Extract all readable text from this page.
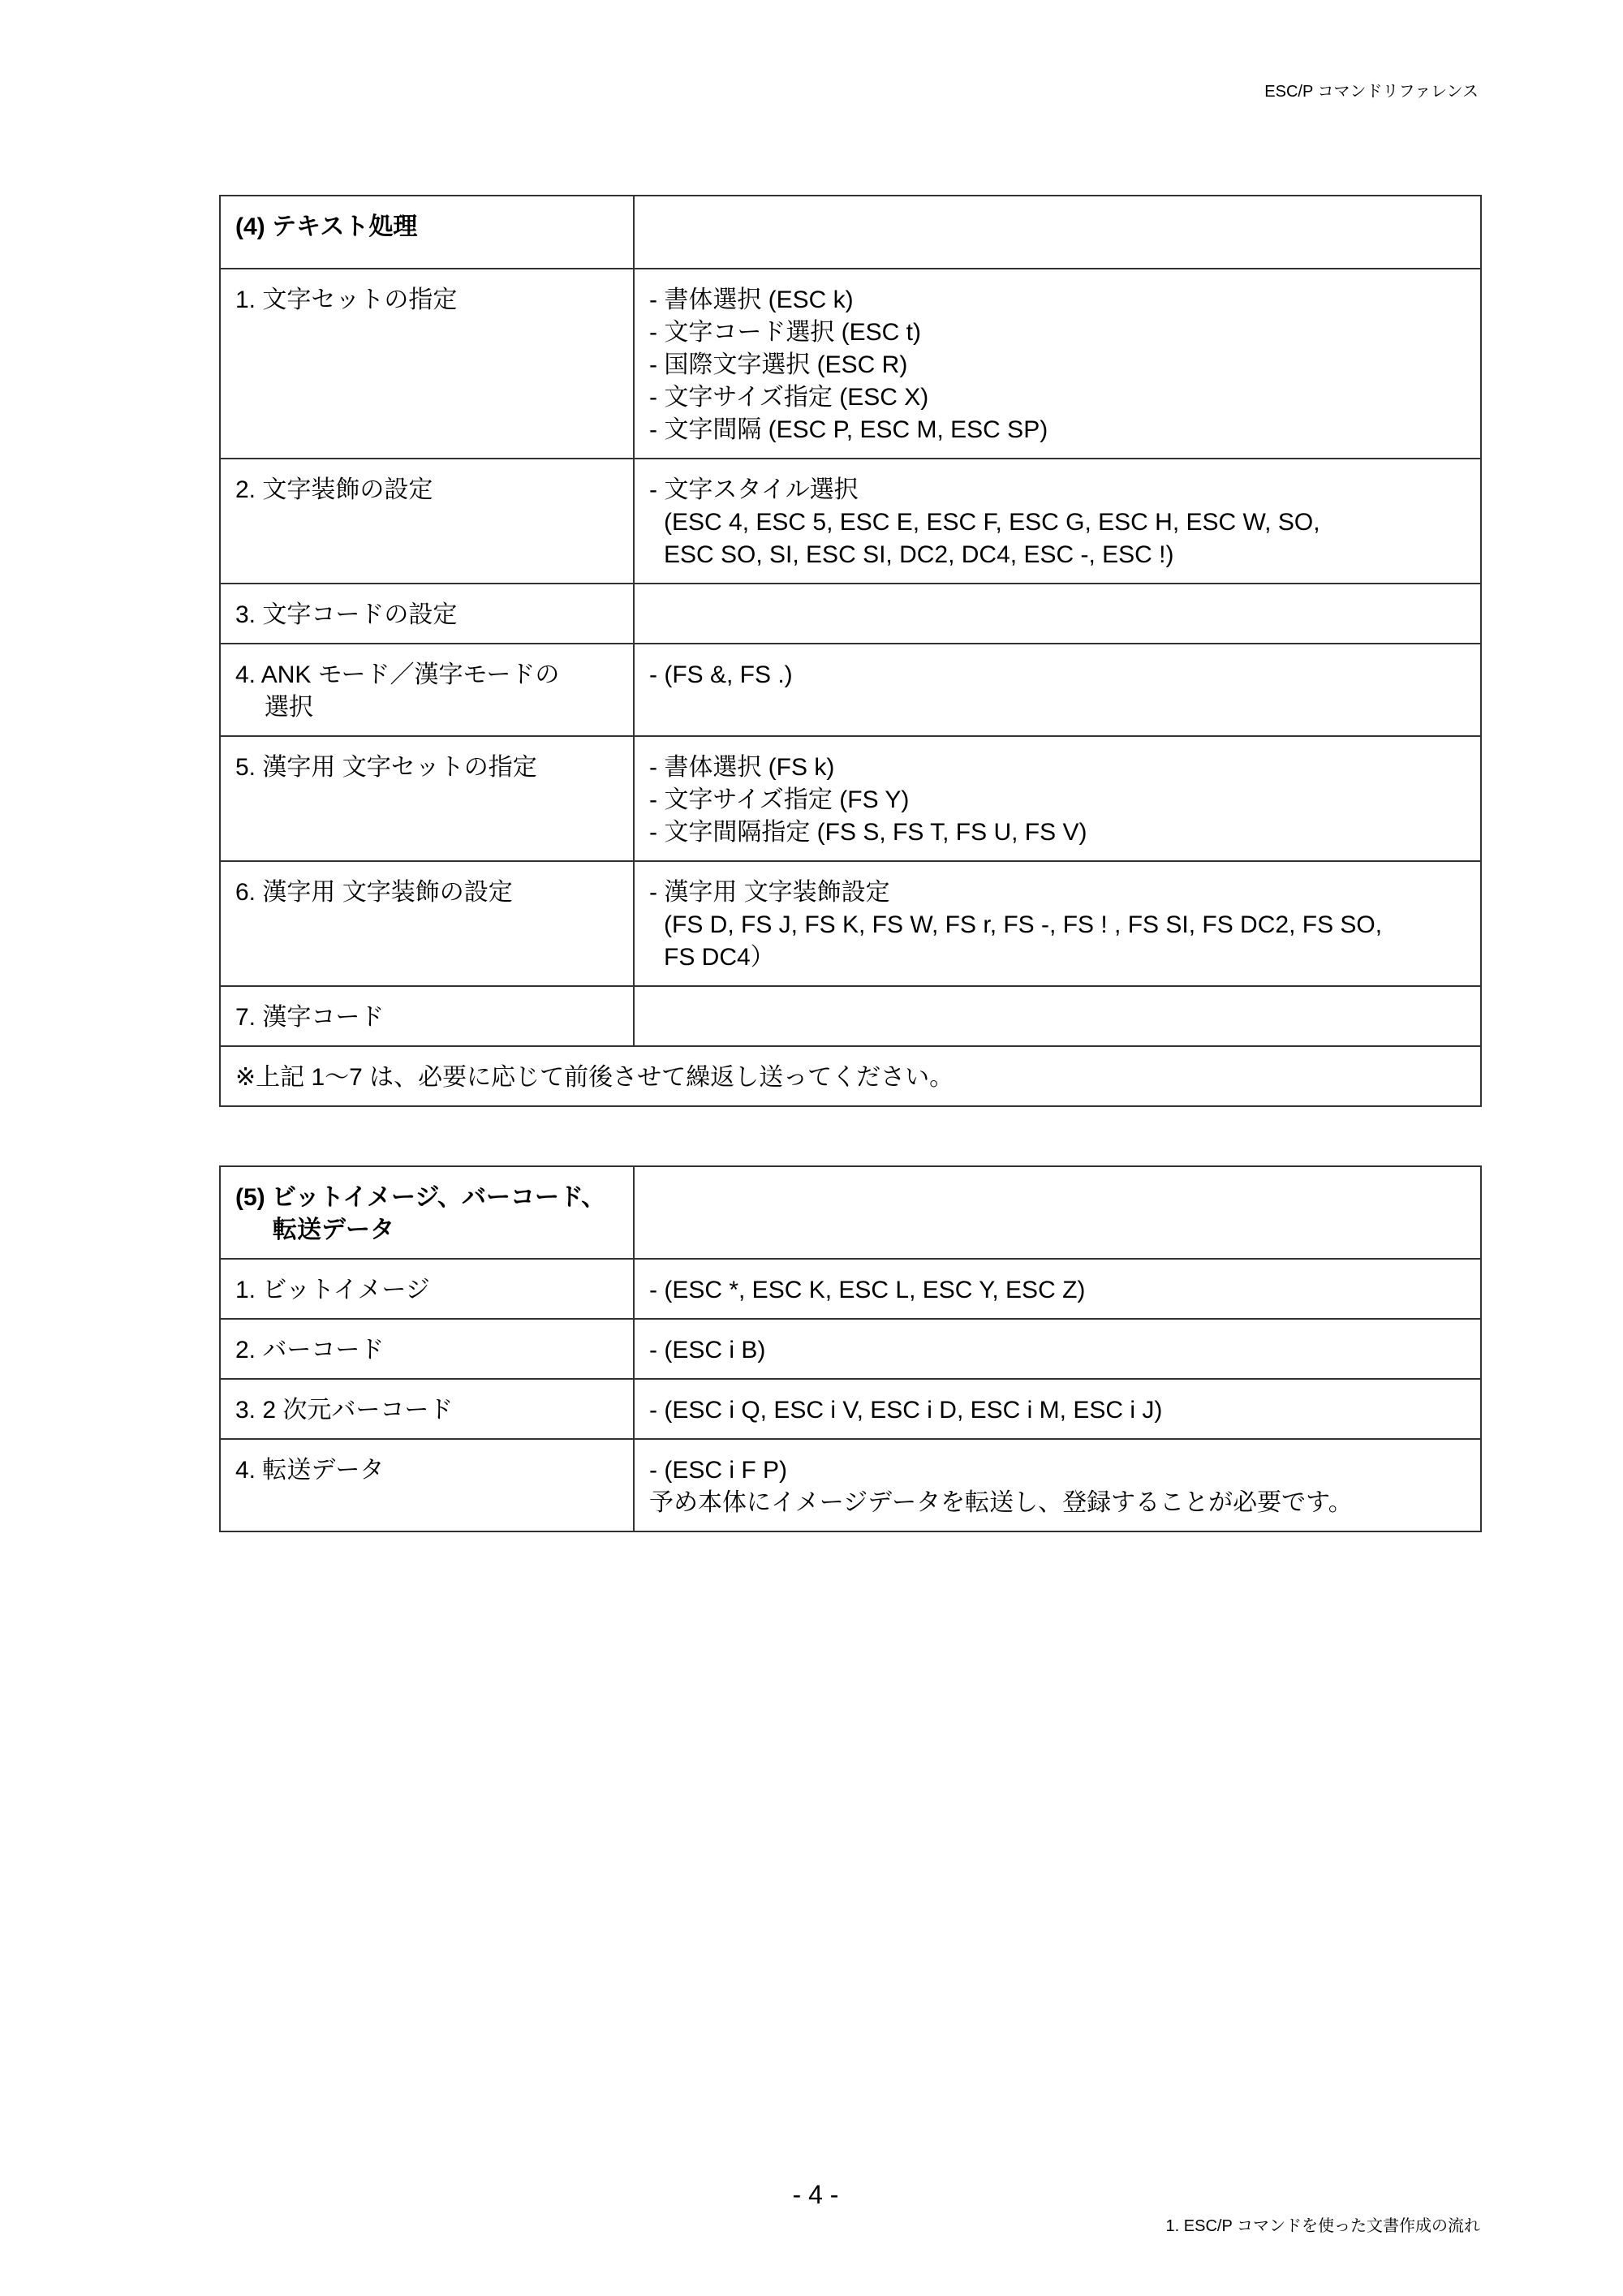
ESC/P コマンドリファレンス
(4) テキスト処理	
1. 文字セットの指定	- 書体選択 (ESC k)
- 文字コード選択 (ESC t)
- 国際文字選択 (ESC R)
- 文字サイズ指定 (ESC X)
- 文字間隔 (ESC P, ESC M, ESC SP)

2. 文字装飾の設定	- 文字スタイル選択
(ESC 4, ESC 5, ESC E, ESC F, ESC G, ESC H, ESC W, SO,
ESC SO, SI, ESC SI, DC2, DC4, ESC -, ESC !)

3. 文字コードの設定	

4. ANK モード／漢字モードの
選択	- (FS &, FS .)

5. 漢字用 文字セットの指定	- 書体選択 (FS k)
- 文字サイズ指定 (FS Y)
- 文字間隔指定 (FS S, FS T, FS U, FS V)

6. 漢字用 文字装飾の設定	- 漢字用 文字装飾設定
(FS D, FS J, FS K, FS W, FS r, FS -, FS ! , FS SI, FS DC2, FS SO,
FS DC4）

7. 漢字コード	
※上記 1〜7 は、必要に応じて前後させて繰返し送ってください。	
(5) ビットイメージ、バーコード、
転送データ	

1. ビットイメージ	- (ESC *, ESC K, ESC L, ESC Y, ESC Z)

2. バーコード	- (ESC i B)

3. 2 次元バーコード	- (ESC i Q, ESC i V, ESC i D, ESC i M, ESC i J)

4. 転送データ	- (ESC i F P)
予め本体にイメージデータを転送し、登録することが必要です。
- 4 -
1. ESC/P コマンドを使った文書作成の流れ
